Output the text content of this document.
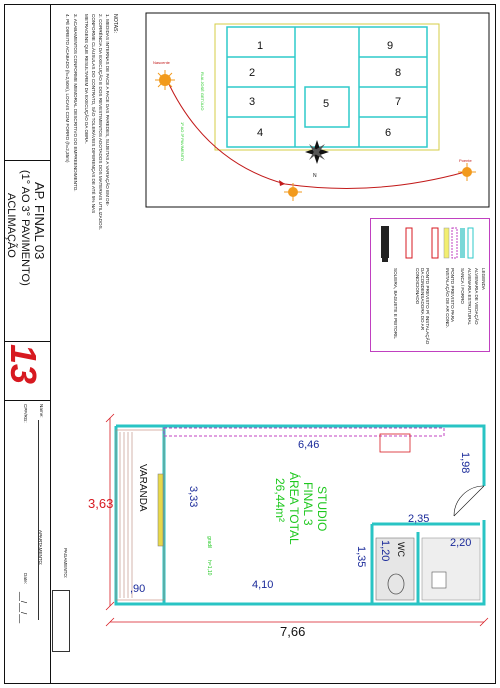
NOTAS:
1. MEDIDAS INTERNAS DE FACE A FACE DAS PAREDES, SUJEITAS A VARIAÇÃO EM DE-
2. CORRÊNCIA DA EXECUÇÃO E DOS REVESTIMENTOS ADOTADOS DOS MATERIAIS UTILIZADOS.
CONFORME CLÁUSULAS DO CONTRATO, SÃO TOLERÁVEIS DIFERENÇAS DE ATÉ 5% NAS
METRAGENS QUE RESULTAREM DA EXECUÇÃO DA OBRA.
3. ACABAMENTOS CONFORME MEMORIAL DESCRITIVO DO EMPREENDIMENTO.
4. PÉ DIREITO ACABADO (h=2,50m), LOCAIS COM FORRO (h=2,35m)
AP. FINAL 03
(1° AO 3° PAVIMENTO)
ACLIMAÇÃO
13
Name:
CPF/RG:
APARTAMENTO:	PAGAMENTO:
Date:
__/__/__
1
2
3
4
5
6
7
8
9
RUA JOSÉ GETÚLIO
1º AO 3º PAVIMENTO
Nascente
Poente
N
LEGENDA
ALVENARIA DE VEDAÇÃO
ALVENARIA ESTRUTURAL
SANCA / FORRO
PONTO PREVISTO PARA INSTALAÇÃO DE AR COND.
PONTO PREVISTO P/ INSTALAÇÃO DA CONDENSADORA DO AR CONDICIONADO
SOLEIRA, BAGUETE E PEITORIL
3,63
7,66
VARANDA
gradil
h=1,10
STUDIO
FINAL 3
ÁREA TOTAL
26,44m²
WC
6,46
3,33
1,98
2,35
1,20	2,20
1,35
4,10
,90
